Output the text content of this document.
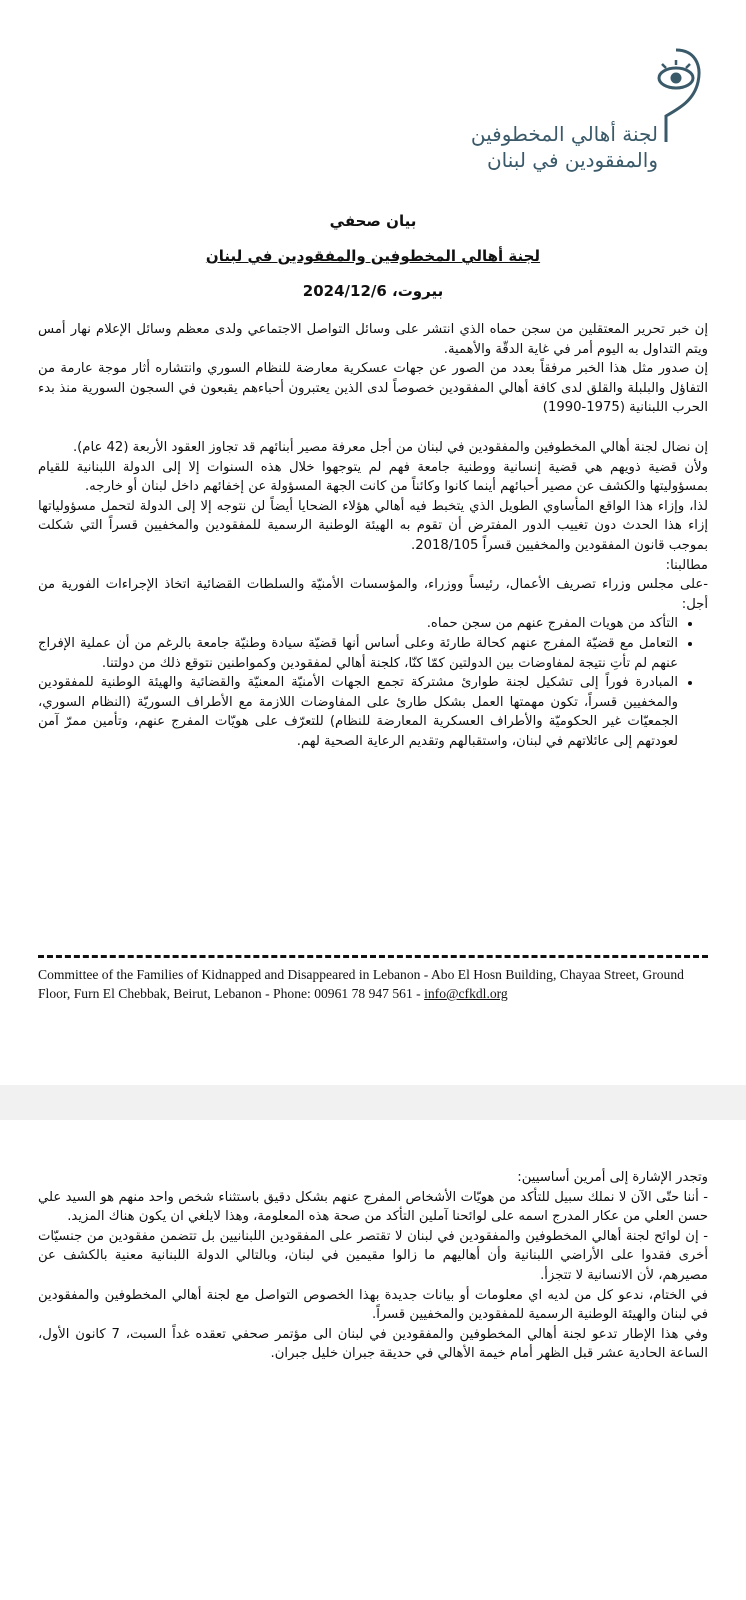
لجنة أهالي المخطوفين
والمفقودين في لبنان
بيان صحفي
لجنة أهالي المخطوفين والمفقودين في لبنان
بيروت، 2024/12/6

إن خبر تحرير المعتقلين من سجن حماه الذي انتشر على وسائل التواصل الاجتماعي ولدى معظم وسائل الإعلام نهار أمس ويتم التداول به اليوم أمر في غاية الدقّة والأهمية.

إن صدور مثل هذا الخبر مرفقاً بعدد من الصور عن جهات عسكرية معارضة للنظام السوري وانتشاره أثار موجة عارمة من التفاؤل والبلبلة والقلق لدى كافة أهالي المفقودين خصوصاً لدى الذين يعتبرون أحباءهم يقبعون في السجون السورية منذ بدء الحرب اللبنانية (1975-1990)

إن نضال لجنة أهالي المخطوفين والمفقودين في لبنان من أجل معرفة مصير أبنائهم قد تجاوز العقود الأربعة (42 عام).

ولأن قضية ذويهم هي قضية إنسانية ووطنية جامعة فهم لم يتوجهوا خلال هذه السنوات إلا إلى الدولة اللبنانية للقيام بمسؤوليتها والكشف عن مصير أحبائهم أينما كانوا وكائناً من كانت الجهة المسؤولة عن إخفائهم داخل لبنان أو خارجه.

لذا، وإزاء هذا الواقع المأساوي الطويل الذي يتخبط فيه أهالي هؤلاء الضحايا أيضاً لن نتوجه إلا إلى الدولة لتحمل مسؤولياتها إزاء هذا الحدث دون تغييب الدور المفترض أن تقوم به الهيئة الوطنية الرسمية للمفقودين والمخفيين قسراً التي شكلت بموجب قانون المفقودين والمخفيين قسراً 2018/105.

مطالبنا:

-على مجلس وزراء تصريف الأعمال، رئيساً ووزراء، والمؤسسات الأمنيّة والسلطات القضائية اتخاذ الإجراءات الفورية من أجل:

• التأكد من هويات المفرج عنهم من سجن حماه.
• التعامل مع قضيّة المفرج عنهم كحالة طارئة وعلى أساس أنها قضيّة سيادة وطنيّة جامعة بالرغم من أن عملية الإفراج عنهم لم تأتِ نتيجة لمفاوضات بين الدولتين كمّا كنّا، كلجنة أهالي لمفقودين وكمواطنين نتوقع ذلك من دولتنا.
• المبادرة فوراً إلى تشكيل لجنة طوارئ مشتركة تجمع الجهات الأمنيّة المعنيّة والقضائية والهيئة الوطنية للمفقودين والمخفيين قسراً، تكون مهمتها العمل بشكل طارئ على المفاوضات اللازمة مع الأطراف السوريّة (النظام السوري، الجمعيّات غير الحكوميّة والأطراف العسكرية المعارضة للنظام) للتعرّف على هويّات المفرج عنهم، وتأمين ممرّ آمن لعودتهم إلى عائلاتهم في لبنان، واستقبالهم وتقديم الرعاية الصحية لهم.
Committee of the Families of Kidnapped and Disappeared in Lebanon - Abo El Hosn Building, Chayaa Street, Ground Floor, Furn El Chebbak, Beirut, Lebanon - Phone: 00961 78 947 561 - info@cfkdl.org

وتجدر الإشارة إلى أمرين أساسيين:

- أننا حتّى الآن لا نملك سبيل للتأكد من هويّات الأشخاص المفرج عنهم بشكل دقيق باستثناء شخص واحد منهم هو السيد علي حسن العلي من عكار المدرج اسمه على لوائحنا آملين التأكد من صحة هذه المعلومة، وهذا لايلغي ان يكون هناك المزيد.

- إن لوائح لجنة أهالي المخطوفين والمفقودين في لبنان لا تقتصر على المفقودين اللبنانيين بل تتضمن مفقودين من جنسيّات أخرى فقدوا على الأراضي اللبنانية وأن أهاليهم ما زالوا مقيمين في لبنان، وبالتالي الدولة اللبنانية معنية بالكشف عن مصيرهم، لأن الانسانية لا تتجزأ.

في الختام، ندعو كل من لديه اي معلومات أو بيانات جديدة بهذا الخصوص التواصل مع لجنة أهالي المخطوفين والمفقودين في لبنان والهيئة الوطنية الرسمية للمفقودين والمخفيين قسراً.

وفي هذا الإطار تدعو لجنة أهالي المخطوفين والمفقودين في لبنان الى مؤتمر صحفي تعقده غداً السبت، 7 كانون الأول، الساعة الحادية عشر قبل الظهر أمام خيمة الأهالي في حديقة جبران خليل جبران.
